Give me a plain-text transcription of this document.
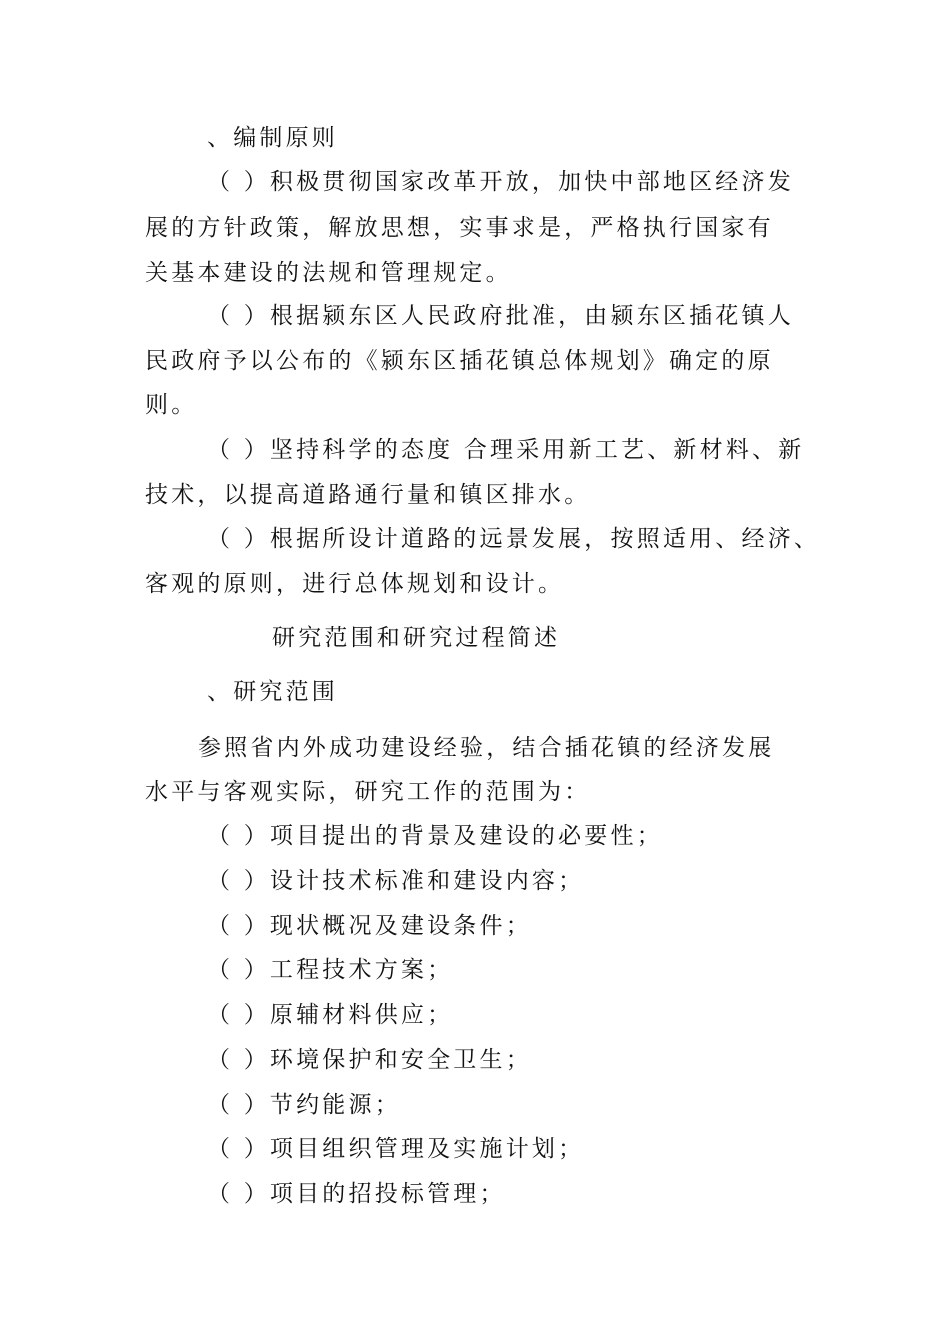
、编制原则
（ ）积极贯彻国家改革开放，加快中部地区经济发
展的方针政策，解放思想，实事求是，严格执行国家有
关基本建设的法规和管理规定。
（ ）根据颍东区人民政府批准，由颍东区插花镇人
民政府予以公布的《颍东区插花镇总体规划》确定的原
则。
（ ）坚持科学的态度 合理采用新工艺、新材料、新
技术，以提高道路通行量和镇区排水。
（ ）根据所设计道路的远景发展，按照适用、经济、
客观的原则，进行总体规划和设计。
研究范围和研究过程简述
、研究范围
参照省内外成功建设经验，结合插花镇的经济发展
水平与客观实际，研究工作的范围为：
（ ）项目提出的背景及建设的必要性；
（ ）设计技术标准和建设内容；
（ ）现状概况及建设条件；
（ ）工程技术方案；
（ ）原辅材料供应；
（ ）环境保护和安全卫生；
（ ）节约能源；
（ ）项目组织管理及实施计划；
（ ）项目的招投标管理；
